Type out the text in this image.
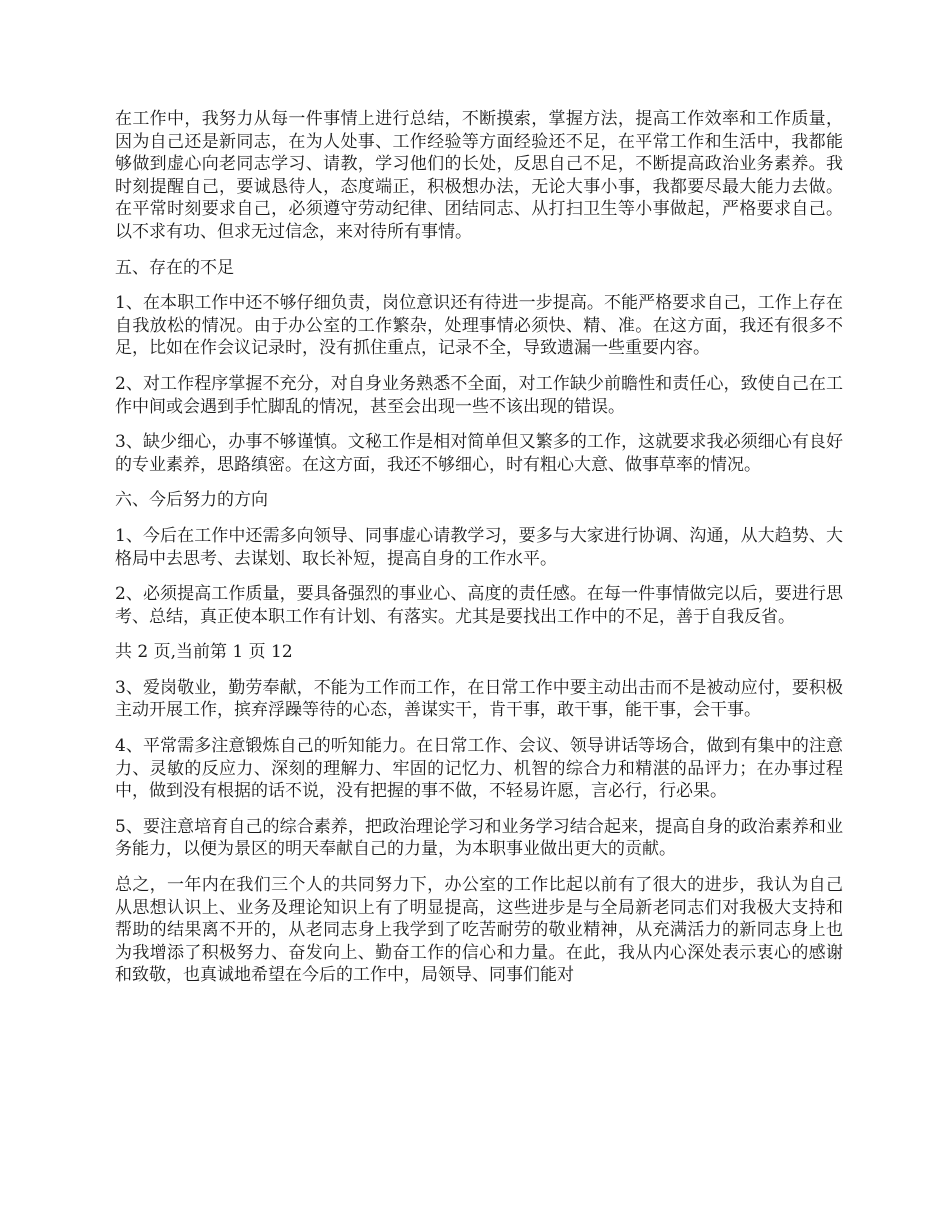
在工作中，我努力从每一件事情上进行总结，不断摸索，掌握方法，提高工作效率和工作质量，因为自己还是新同志，在为人处事、工作经验等方面经验还不足，在平常工作和生活中，我都能够做到虚心向老同志学习、请教，学习他们的长处，反思自己不足，不断提高政治业务素养。我时刻提醒自己，要诚恳待人，态度端正，积极想办法，无论大事小事，我都要尽最大能力去做。在平常时刻要求自己，必须遵守劳动纪律、团结同志、从打扫卫生等小事做起，严格要求自己。以不求有功、但求无过信念，来对待所有事情。

五、存在的不足

1、在本职工作中还不够仔细负责，岗位意识还有待进一步提高。不能严格要求自己，工作上存在自我放松的情况。由于办公室的工作繁杂，处理事情必须快、精、准。在这方面，我还有很多不足，比如在作会议记录时，没有抓住重点，记录不全，导致遗漏一些重要内容。

2、对工作程序掌握不充分，对自身业务熟悉不全面，对工作缺少前瞻性和责任心，致使自己在工作中间或会遇到手忙脚乱的情况，甚至会出现一些不该出现的错误。

3、缺少细心，办事不够谨慎。文秘工作是相对简单但又繁多的工作，这就要求我必须细心有良好的专业素养，思路缜密。在这方面，我还不够细心，时有粗心大意、做事草率的情况。

六、今后努力的方向

1、今后在工作中还需多向领导、同事虚心请教学习，要多与大家进行协调、沟通，从大趋势、大格局中去思考、去谋划、取长补短，提高自身的工作水平。

2、必须提高工作质量，要具备强烈的事业心、高度的责任感。在每一件事情做完以后，要进行思考、总结，真正使本职工作有计划、有落实。尤其是要找出工作中的不足，善于自我反省。

共 2 页,当前第 1 页 12

3、爱岗敬业，勤劳奉献，不能为工作而工作，在日常工作中要主动出击而不是被动应付，要积极主动开展工作，摈弃浮躁等待的心态，善谋实干，肯干事，敢干事，能干事，会干事。

4、平常需多注意锻炼自己的听知能力。在日常工作、会议、领导讲话等场合，做到有集中的注意力、灵敏的反应力、深刻的理解力、牢固的记忆力、机智的综合力和精湛的品评力；在办事过程中，做到没有根据的话不说，没有把握的事不做，不轻易许愿，言必行，行必果。

5、要注意培育自己的综合素养，把政治理论学习和业务学习结合起来，提高自身的政治素养和业务能力，以便为景区的明天奉献自己的力量，为本职事业做出更大的贡献。

总之，一年内在我们三个人的共同努力下，办公室的工作比起以前有了很大的进步，我认为自己从思想认识上、业务及理论知识上有了明显提高，这些进步是与全局新老同志们对我极大支持和帮助的结果离不开的，从老同志身上我学到了吃苦耐劳的敬业精神，从充满活力的新同志身上也为我增添了积极努力、奋发向上、勤奋工作的信心和力量。在此，我从内心深处表示衷心的感谢和致敬，也真诚地希望在今后的工作中，局领导、同事们能对
